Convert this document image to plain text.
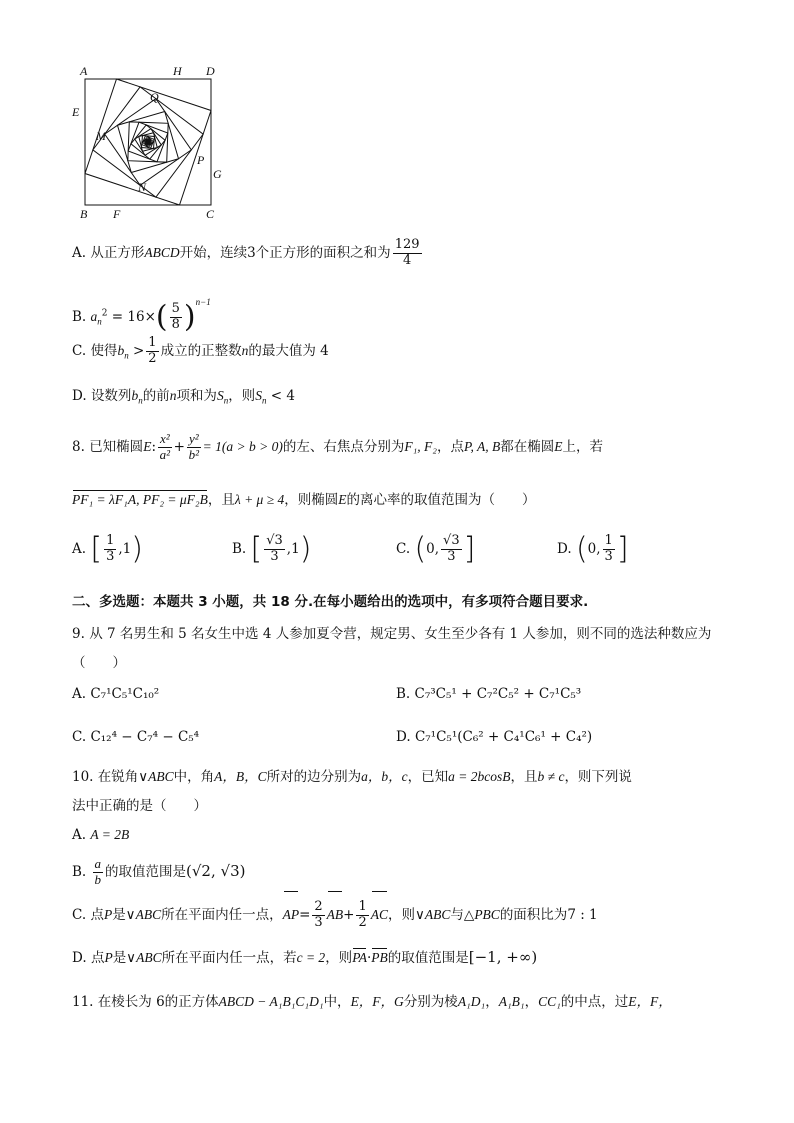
A	H D
Q
E
M
P
G
N
B F	C
A. 从正方形ABCD开始，连续3个正方形的面积之和为 $\frac{129}{4}$
B. $a_n^2 = 16\times( \frac{5}{8} )^{n-1}$
C. 使得$b_n > \frac{1}{2}$ 成立的正整数n的最大值为 4
D. 设数列$b_n$的前n项和为$S_n$，则$S_n < 4$
8. 已知椭圆E: $\frac{\text{x²}}{\text{a²}} + \frac{\text{y²}}{\text{b²}} = 1(a > b > 0)$的左、右焦点分别为F₁, F₂，点P, A, B都在椭圆E上，若
PF₁ = λF₁A, PF₂ = μF₂B，且λ + μ ≥ 4，则椭圆E的离心率的取值范围为（　　）
A. [ $\frac{1}{3} ,1$)	B. [ $\frac{√3}{3} ,1$)	C. (0, $\frac{√3}{3}$ ]	D. (0, $\frac{1}{3}$ ]
二、多选题：本题共 3 小题，共 18 分.在每小题给出的选项中，有多项符合题目要求.
9. 从 7 名男生和 5 名女生中选 4 人参加夏令营，规定男、女生至少各有 1 人参加，则不同的选法种数应为
（　　）
A. C₇¹C₅¹C₁₀²	B. C₇³C₅¹ + C₇²C₅² + C₇¹C₅³
C. C₁₂⁴ − C₇⁴ − C₅⁴	D. C₇¹C₅¹(C₆² + C₄¹C₆¹ + C₄²)
10. 在锐角∨ABC中，角A，B，C所对的边分别为a，b，c，已知a = 2bcosB，且b ≠ c，则下列说
法中正确的是（　　）
A. A = 2B
B. $\frac{a}{b}$ 的取值范围是(√2, √3)
C. 点P是∨ABC所在平面内任一点，$AP= \frac{2}{3} AB+ \frac{1}{2}$ AC，则∨ABC与△PBC的面积比为7 : 1
D. 点P是∨ABC所在平面内任一点，若c = 2，则PA·PB的取值范围是[−1, +∞)
11. 在棱长为 6的正方体ABCD − A₁B₁C₁D₁中，E，F，G分别为棱A₁D₁，A₁B₁，CC₁的中点，过E，F，
